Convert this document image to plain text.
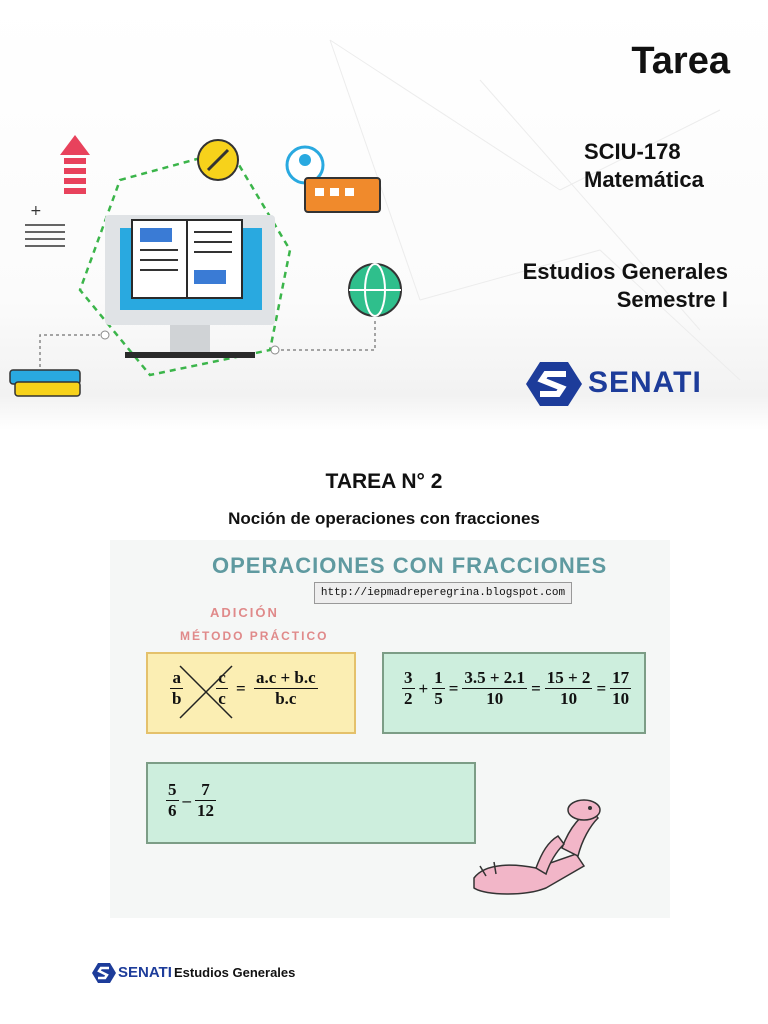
+
Tarea
SCIU-178
Matemática
Estudios Generales
Semestre I
SENATI
TAREA N° 2
Noción de operaciones con fracciones
OPERACIONES CON FRACCIONES
http://iepmadreperegrina.blogspot.com
ADICIÓN
MÉTODO PRÁCTICO
$\frac{a}{b}$
$\frac{c}{c} = \frac{a.c + b.c}{b.c}$	$\frac{3}{2} + \frac{1}{5} = \frac{3.5 + 2.1}{10} = \frac{15 + 2}{10} = \frac{17}{10}$
$\frac{5}{6} - \frac{7}{12}$
SENATI Estudios Generales
